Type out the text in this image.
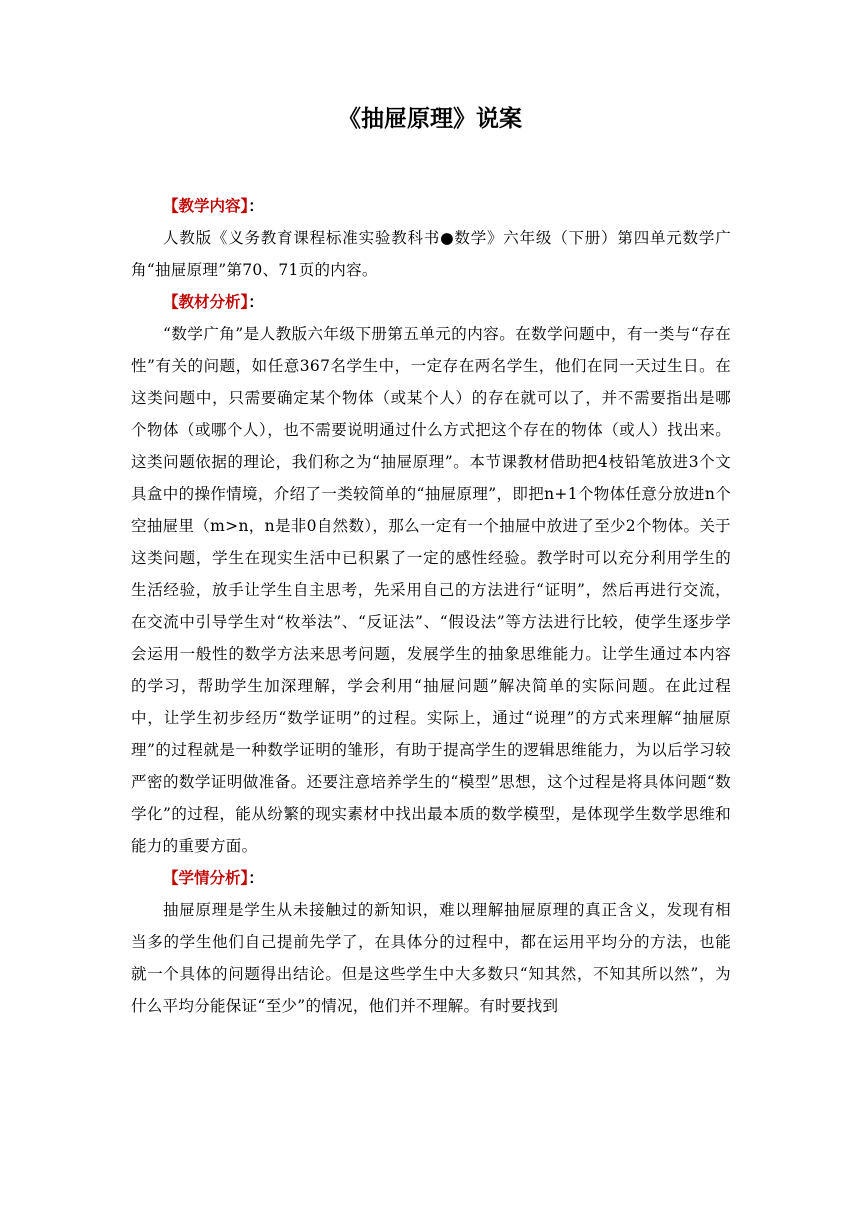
《抽屉原理》说案

【教学内容】：

人教版《义务教育课程标准实验教科书●数学》六年级（下册）第四单元数学广角“抽屉原理”第70、71页的内容。

【教材分析】：

“数学广角”是人教版六年级下册第五单元的内容。在数学问题中，有一类与“存在性”有关的问题，如任意367名学生中，一定存在两名学生，他们在同一天过生日。在这类问题中，只需要确定某个物体（或某个人）的存在就可以了，并不需要指出是哪个物体（或哪个人），也不需要说明通过什么方式把这个存在的物体（或人）找出来。这类问题依据的理论，我们称之为“抽屉原理”。本节课教材借助把4枝铅笔放进3个文具盒中的操作情境，介绍了一类较简单的“抽屉原理”，即把n+1个物体任意分放进n个空抽屉里（m>n，n是非0自然数），那么一定有一个抽屉中放进了至少2个物体。关于这类问题，学生在现实生活中已积累了一定的感性经验。教学时可以充分利用学生的生活经验，放手让学生自主思考，先采用自己的方法进行“证明”，然后再进行交流，在交流中引导学生对“枚举法”、“反证法”、“假设法”等方法进行比较，使学生逐步学会运用一般性的数学方法来思考问题，发展学生的抽象思维能力。让学生通过本内容的学习，帮助学生加深理解，学会利用“抽屉问题”解决简单的实际问题。在此过程中，让学生初步经历“数学证明”的过程。实际上，通过“说理”的方式来理解“抽屉原理”的过程就是一种数学证明的雏形，有助于提高学生的逻辑思维能力，为以后学习较严密的数学证明做准备。还要注意培养学生的“模型”思想，这个过程是将具体问题“数学化”的过程，能从纷繁的现实素材中找出最本质的数学模型，是体现学生数学思维和能力的重要方面。

【学情分析】：

抽屉原理是学生从未接触过的新知识，难以理解抽屉原理的真正含义，发现有相当多的学生他们自己提前先学了，在具体分的过程中，都在运用平均分的方法，也能就一个具体的问题得出结论。但是这些学生中大多数只“知其然，不知其所以然”，为什么平均分能保证“至少”的情况，他们并不理解。有时要找到
